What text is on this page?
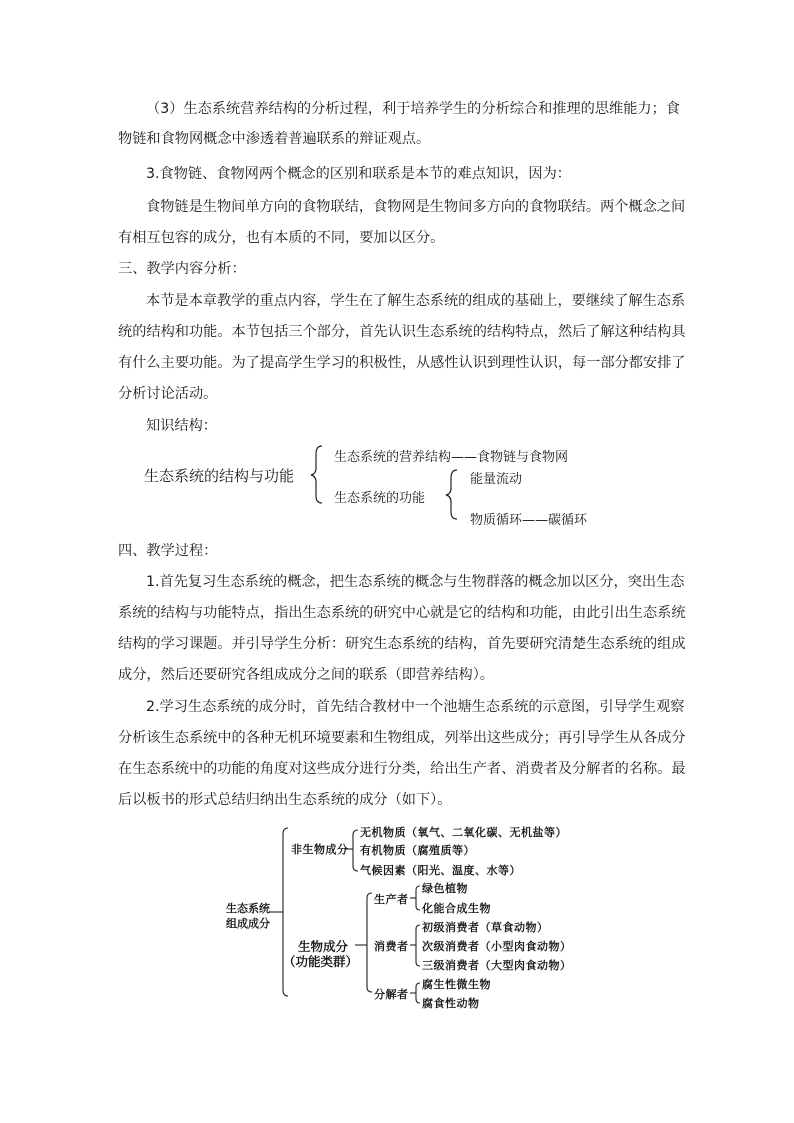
（3）生态系统营养结构的分析过程，利于培养学生的分析综合和推理的思维能力；食
物链和食物网概念中渗透着普遍联系的辩证观点。
3.食物链、食物网两个概念的区别和联系是本节的难点知识，因为：
食物链是生物间单方向的食物联结，食物网是生物间多方向的食物联结。两个概念之间
有相互包容的成分，也有本质的不同，要加以区分。
三、教学内容分析：
本节是本章教学的重点内容，学生在了解生态系统的组成的基础上，要继续了解生态系
统的结构和功能。本节包括三个部分，首先认识生态系统的结构特点，然后了解这种结构具
有什么主要功能。为了提高学生学习的积极性，从感性认识到理性认识，每一部分都安排了
分析讨论活动。
知识结构：
生态系统的结构与功能
生态系统的营养结构——食物链与食物网
生态系统的功能
能量流动
物质循环——碳循环
四、教学过程：
1.首先复习生态系统的概念，把生态系统的概念与生物群落的概念加以区分，突出生态
系统的结构与功能特点，指出生态系统的研究中心就是它的结构和功能，由此引出生态系统
结构的学习课题。并引导学生分析：研究生态系统的结构，首先要研究清楚生态系统的组成
成分，然后还要研究各组成成分之间的联系（即营养结构）。
2.学习生态系统的成分时，首先结合教材中一个池塘生态系统的示意图，引导学生观察
分析该生态系统中的各种无机环境要素和生物组成，列举出这些成分；再引导学生从各成分
在生态系统中的功能的角度对这些成分进行分类，给出生产者、消费者及分解者的名称。最
后以板书的形式总结归纳出生态系统的成分（如下）。
生态系统
组成成分
非生物成分
无机物质（氧气、二氧化碳、无机盐等）
有机物质（腐殖质等）
气候因素（阳光、温度、水等）
生物成分
（功能类群）
生产者
绿色植物
化能合成生物
消费者
初级消费者（草食动物）
次级消费者（小型肉食动物）
三级消费者（大型肉食动物）
分解者
腐生性微生物
腐食性动物
